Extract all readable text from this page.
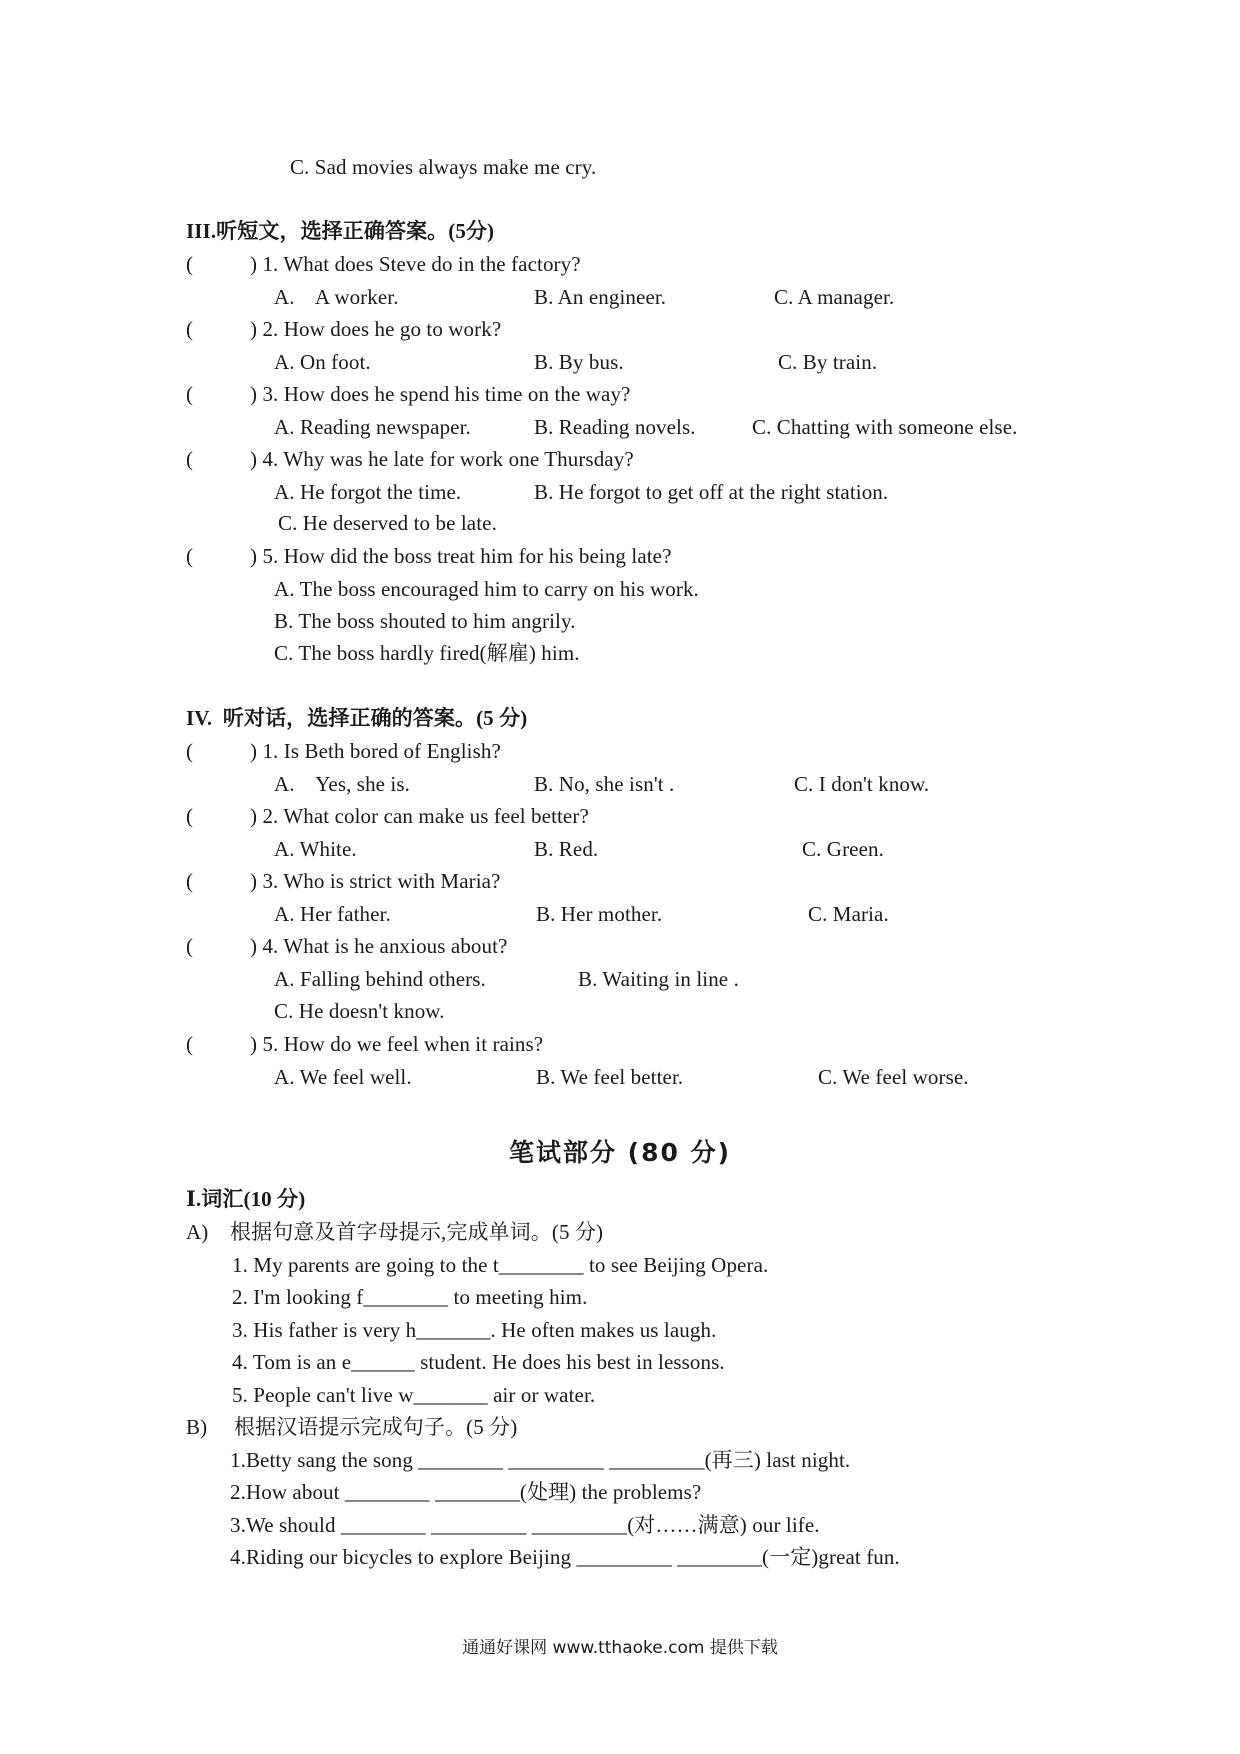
C. Sad movies always make me cry.
III.听短文，选择正确答案。(5分)
(	) 1. What does Steve do in the factory?
A.    A worker.	B. An engineer.	C. A manager.
(	) 2. How does he go to work?
A. On foot.	B. By bus.	C. By train.
(	) 3. How does he spend his time on the way?
A. Reading newspaper.	B. Reading novels.	C. Chatting with someone else.
(	) 4. Why was he late for work one Thursday?
A. He forgot the time.	B. He forgot to get off at the right station.
C. He deserved to be late.
(	) 5. How did the boss treat him for his being late?
A. The boss encouraged him to carry on his work.
B. The boss shouted to him angrily.
C. The boss hardly fired(解雇) him.
IV.  听对话，选择正确的答案。(5 分)
(	) 1. Is Beth bored of English?
A.    Yes, she is.	B. No, she isn't .	C. I don't know.
(	) 2. What color can make us feel better?
A. White.	B. Red.	C. Green.
(	) 3. Who is strict with Maria?
A. Her father.	B. Her mother.	C. Maria.
(	) 4. What is he anxious about?
A. Falling behind others.	B. Waiting in line .
C. He doesn't know.
(	) 5. How do we feel when it rains?
A. We feel well.	B. We feel better.	C. We feel worse.
笔试部分 (80 分)
Ⅰ.词汇(10 分)
A) 根据句意及首字母提示,完成单词。(5 分)
1. My parents are going to the t________ to see Beijing Opera.
2. I'm looking f________ to meeting him.
3. His father is very h_______. He often makes us laugh.
4. Tom is an e______ student. He does his best in lessons.
5. People can't live w_______ air or water.
B) 根据汉语提示完成句子。(5 分)
1.Betty sang the song ________ _________ _________(再三) last night.
2.How about ________ ________(处理) the problems?
3.We should ________ _________ _________(对……满意) our life.
4.Riding our bicycles to explore Beijing _________ ________(一定)great fun.
通通好课网 www.tthaoke.com 提供下载
